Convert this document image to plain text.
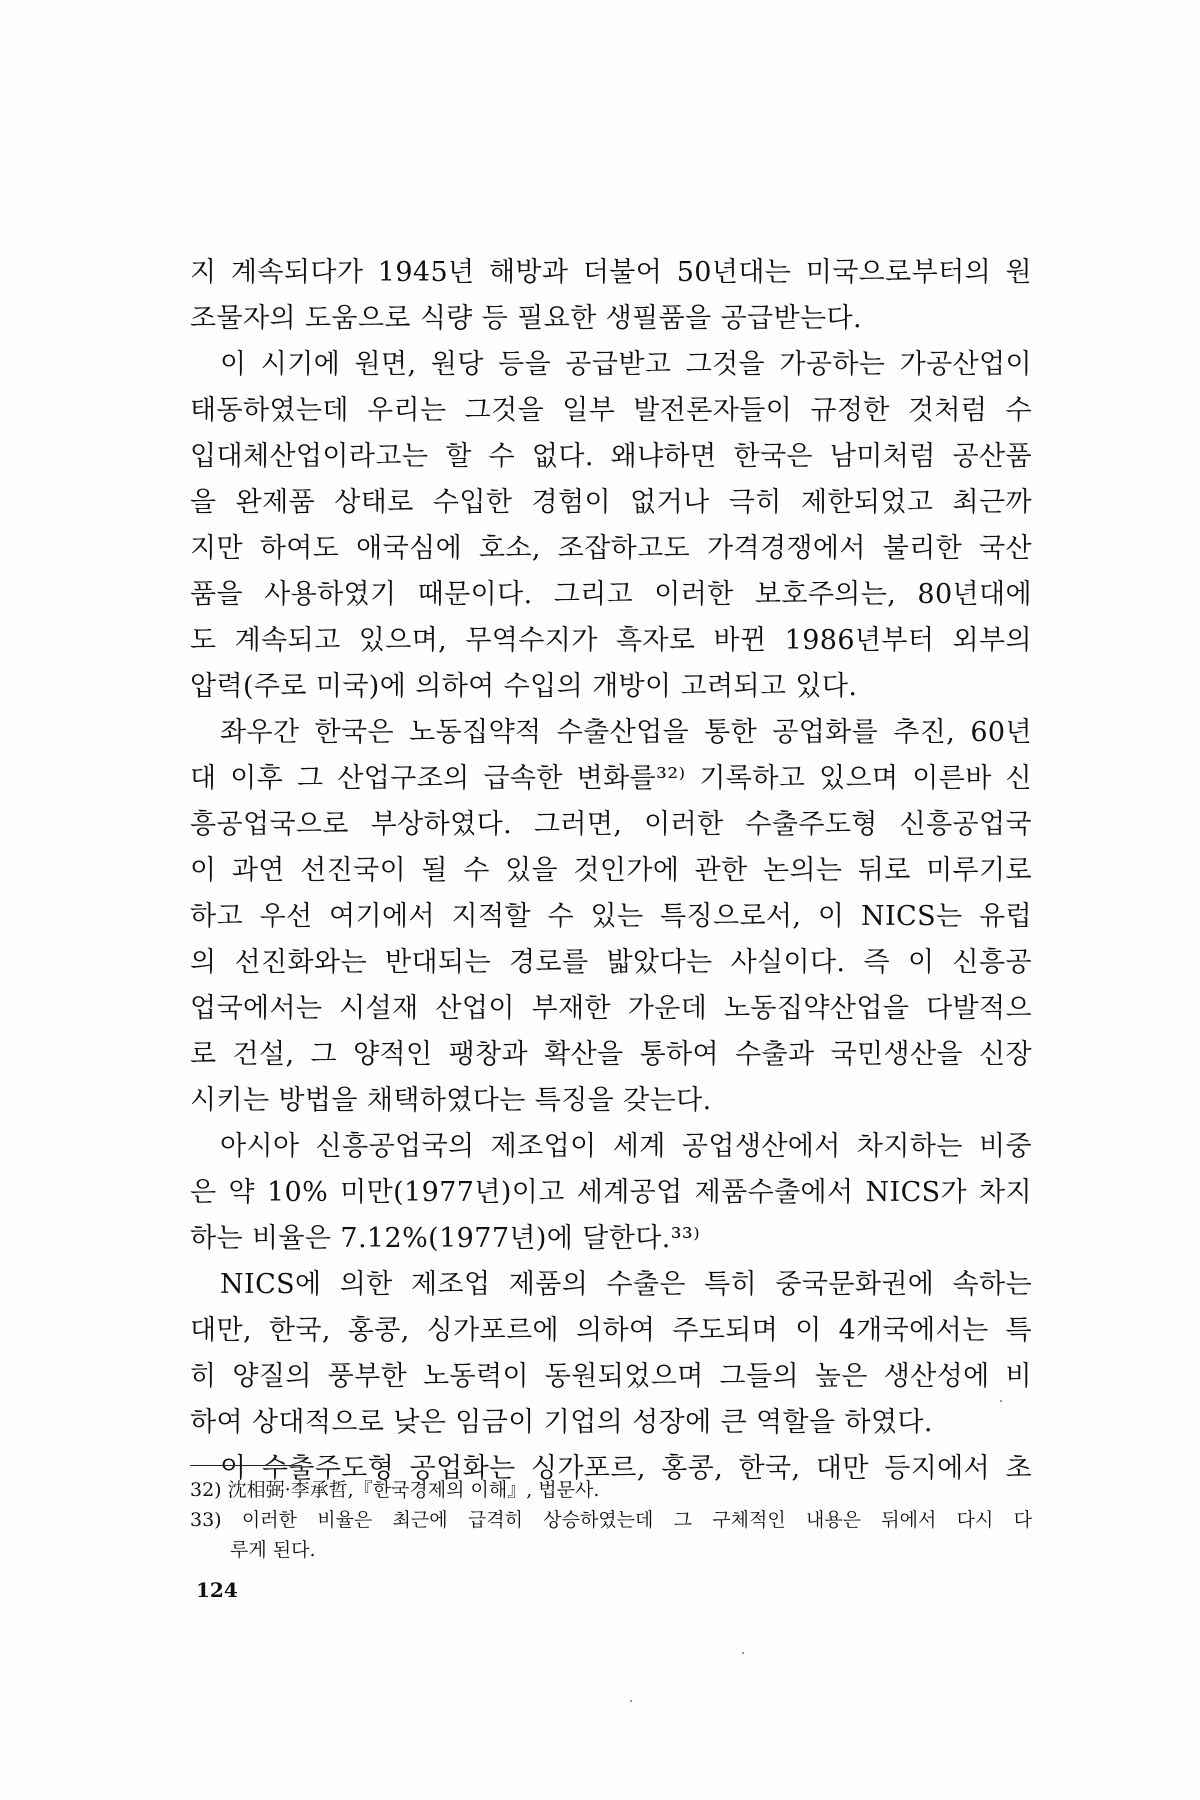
지 계속되다가 1945년 해방과 더불어 50년대는 미국으로부터의 원
조물자의 도움으로 식량 등 필요한 생필품을 공급받는다.
이 시기에 원면, 원당 등을 공급받고 그것을 가공하는 가공산업이
태동하였는데 우리는 그것을 일부 발전론자들이 규정한 것처럼 수
입대체산업이라고는 할 수 없다. 왜냐하면 한국은 남미처럼 공산품
을 완제품 상태로 수입한 경험이 없거나 극히 제한되었고 최근까
지만 하여도 애국심에 호소, 조잡하고도 가격경쟁에서 불리한 국산
품을 사용하였기 때문이다. 그리고 이러한 보호주의는, 80년대에
도 계속되고 있으며, 무역수지가 흑자로 바뀐 1986년부터 외부의
압력(주로 미국)에 의하여 수입의 개방이 고려되고 있다.
좌우간 한국은 노동집약적 수출산업을 통한 공업화를 추진, 60년
대 이후 그 산업구조의 급속한 변화를³²⁾ 기록하고 있으며 이른바 신
흥공업국으로 부상하였다. 그러면, 이러한 수출주도형 신흥공업국
이 과연 선진국이 될 수 있을 것인가에 관한 논의는 뒤로 미루기로
하고 우선 여기에서 지적할 수 있는 특징으로서, 이 NICS는 유럽
의 선진화와는 반대되는 경로를 밟았다는 사실이다. 즉 이 신흥공
업국에서는 시설재 산업이 부재한 가운데 노동집약산업을 다발적으
로 건설, 그 양적인 팽창과 확산을 통하여 수출과 국민생산을 신장
시키는 방법을 채택하였다는 특징을 갖는다.
아시아 신흥공업국의 제조업이 세계 공업생산에서 차지하는 비중
은 약 10% 미만(1977년)이고 세계공업 제품수출에서 NICS가 차지
하는 비율은 7.12%(1977년)에 달한다.³³⁾
NICS에 의한 제조업 제품의 수출은 특히 중국문화권에 속하는
대만, 한국, 홍콩, 싱가포르에 의하여 주도되며 이 4개국에서는 특
히 양질의 풍부한 노동력이 동원되었으며 그들의 높은 생산성에 비
하여 상대적으로 낮은 임금이 기업의 성장에 큰 역할을 하였다.
이 수출주도형 공업화는 싱가포르, 홍콩, 한국, 대만 등지에서 초
32) 沈相弼·李承哲,『한국경제의 이해』, 법문사.
33) 이러한 비율은 최근에 급격히 상승하였는데 그 구체적인 내용은 뒤에서 다시 다
루게 된다.
124
